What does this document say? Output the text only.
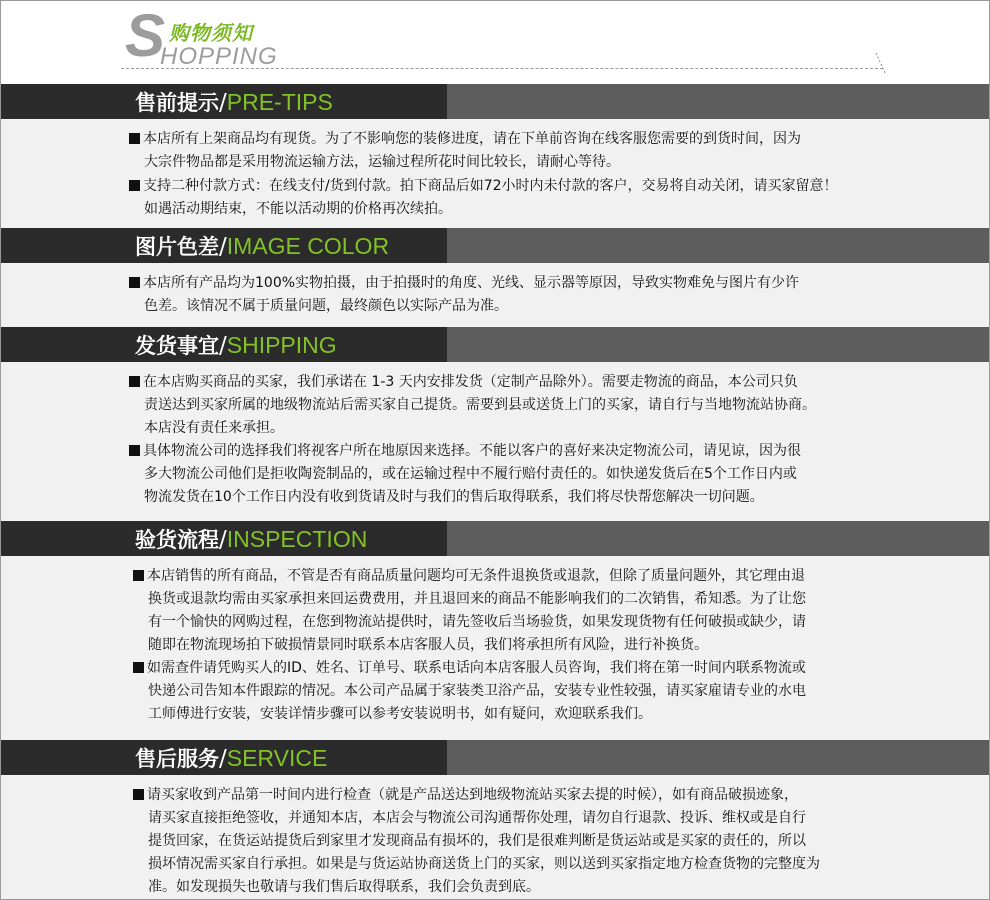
S 购物须知
HOPPING
售前提示/PRE-TIPS
本店所有上架商品均有现货。为了不影响您的装修进度，请在下单前咨询在线客服您需要的到货时间，因为
大宗件物品都是采用物流运输方法，运输过程所花时间比较长，请耐心等待。
支持二种付款方式：在线支付/货到付款。拍下商品后如72小时内未付款的客户，交易将自动关闭，请买家留意！
如遇活动期结束，不能以活动期的价格再次续拍。
图片色差/IMAGE COLOR
本店所有产品均为100%实物拍摄，由于拍摄时的角度、光线、显示器等原因，导致实物难免与图片有少许
色差。该情况不属于质量问题，最终颜色以实际产品为准。
发货事宜/SHIPPING
在本店购买商品的买家，我们承诺在 1-3 天内安排发货（定制产品除外）。需要走物流的商品，本公司只负
责送达到买家所属的地级物流站后需买家自己提货。需要到县或送货上门的买家，请自行与当地物流站协商。
本店没有责任来承担。
具体物流公司的选择我们将视客户所在地原因来选择。不能以客户的喜好来决定物流公司，请见谅，因为很
多大物流公司他们是拒收陶瓷制品的，或在运输过程中不履行赔付责任的。如快递发货后在5个工作日内或
物流发货在10个工作日内没有收到货请及时与我们的售后取得联系，我们将尽快帮您解决一切问题。
验货流程/INSPECTION
本店销售的所有商品，不管是否有商品质量问题均可无条件退换货或退款，但除了质量问题外，其它理由退
换货或退款均需由买家承担来回运费费用，并且退回来的商品不能影响我们的二次销售，希知悉。为了让您
有一个愉快的网购过程，在您到物流站提供时，请先签收后当场验货，如果发现货物有任何破损或缺少，请
随即在物流现场拍下破损情景同时联系本店客服人员，我们将承担所有风险，进行补换货。
如需查件请凭购买人的ID、姓名、订单号、联系电话向本店客服人员咨询，我们将在第一时间内联系物流或
快递公司告知本件跟踪的情况。本公司产品属于家装类卫浴产品，安装专业性较强，请买家雇请专业的水电
工师傅进行安装，安装详情步骤可以参考安装说明书，如有疑问，欢迎联系我们。
售后服务/SERVICE
请买家收到产品第一时间内进行检查（就是产品送达到地级物流站买家去提的时候），如有商品破损迹象，
请买家直接拒绝签收，并通知本店，本店会与物流公司沟通帮你处理，请勿自行退款、投诉、维权或是自行
提货回家，在货运站提货后到家里才发现商品有损坏的，我们是很难判断是货运站或是买家的责任的，所以
损坏情况需买家自行承担。如果是与货运站协商送货上门的买家，则以送到买家指定地方检查货物的完整度为
准。如发现损失也敬请与我们售后取得联系，我们会负责到底。
